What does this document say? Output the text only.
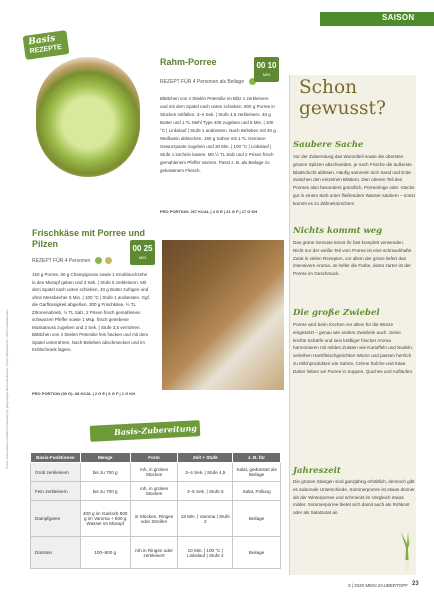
SAISON
Basis
REZEPTE
Rahm-Porree
REZEPT FÜR 4 Personen als Beilage
00 10
MIN
Blättchen von 4 Stielen Petersilie im Blitz 1 zerkleinern und mit dem Spatel nach unten schieben. 800 g Porree in Stücken mitfüllen, 3–4 Sek. | Stufe 4,5 zerkleinern. 40 g Butter und 1 TL Mehl Type 405 zugeben und 8 Min. | 100 °C | Linkslauf | Stufe 1 andünsten. Nach Belieben mit 40 g Weißwein ablöschen. 150 g Sahne mit 1 TL Gemüse-Gewürzpaste zugeben und 30 Min. | 100 °C | Linkslauf | Stufe 1 köcheln lassen. Mit ½ TL Salz und 2 Prisen frisch gemahlenem Pfeffer würzen. Passt z. B. als Beilage zu gebratenem Fleisch.
PRO PORTION: 267 KCAL | 4 G E | 21 G F | 17 G KH
Frischkäse mit Porree und Pilzen
REZEPT FÜR 4 Personen
00 25
MIN
150 g Porree, 60 g Champignons sowie 1 Knoblauchzehe in den Mixtopf geben und 3 Sek. | Stufe 5 zerkleinern. Mit dem Spatel nach unten schieben, 40 g Butter zufügen und ohne Messbecher 5 Min. | 100 °C | Stufe 1 andünsten. Ggf. die Garflüssigkeit abgießen. 300 g Frischkäse, ½ TL Zitronenabrieb, ½ TL Salz, 2 Prisen frisch gemahlenen schwarzen Pfeffer sowie 1 Msp. frisch geriebene Muskatnuss zugeben und 2 Sek. | Stufe 3,5 verrühren. Blättchen von 4 Stielen Petersilie fein hacken und mit dem Spatel unterrühren. Nach Belieben abschmecken und im Kühlschrank lagern.
PRO PORTION (30 G): 68 KCAL | 2 G E | 6 G F | 1 G KH
Fotos: stock.adobe.com/Martin Gaberetz (4); gettyimages.de/Foodcollection, Privat; Illustrationen: 123rf.com/lisabaratta	Basis-Zubereitung
Basis-Funktionen	Menge	Form	Zeit + Stufe	z. B. für
Grob zerkleinern	bis zu 700 g	roh, in groben Stücken	3–4 Sek. | Stufe 4,5	Salat, gedünstet als Beilage
Fein zerkleinern	bis zu 700 g	roh, in groben Stücken	4–5 Sek. | Stufe 5	Salat, Füllung
Dampfgaren	400 g im Garkorb 800 g im Varoma + 500 g Wasser im Mixtopf	in Stücken, Ringen oder Streifen	18 Min. | Varoma | Stufe 2	Beilage
Dünsten	100–800 g	roh in Ringen oder zerkleinert	10 Min. | 100 °C | Linkslauf | Stufe 2	Beilage
Schon gewusst?
Saubere Sache
Vor der Zubereitung das Wurzelteil sowie die obersten grünen Spitzen abschneiden, je nach Frische die äußerste Blattschicht ablösen. Häufig sammeln sich Sand und Erde zwischen den einzelnen Blättern. Den oberen Teil des Porrees also besonders gründlich, Porreeringe oder -stücke gut in einem Sieb unter fließendem Wasser säubern – sonst kommt es zu Zähneknirschen!
Nichts kommt weg
Das grüne Gemüse könnt ihr fast komplett verwenden. Nicht nur der weiße Teil vom Porree ist eine schmackhafte Zutat in vielen Rezepten, vor allem der grüne liefert das intensivere Aroma. Je heller die Farbe, desto zarter ist der Porree im Geschmack.
Die große Zwiebel
Porree wird beim Kochen vor allem für die Würze eingesetzt – genau wie andere Zwiebeln auch. Seine leichte Schärfe und sein kräftiger frischer Aroma harmonieren mit milden Zutaten wie Kartoffeln und Nudeln, verleihen Hackfleischgerichten Würze und passen herrlich zu Milchprodukten wie Sahne, Crème fraîche und Käse. Daher lieben wir Porree in Suppen, Quiches und Aufläufen.
Jahreszeit
Die grünen Stangen sind ganzjährig erhältlich, dennoch gibt es saisonale Unterschiede. Sommerporree ist etwas dünner als der Winterporree und schmeckt im Vergleich etwas milder. Sommerporree bietet sich damit auch als Rohkost oder als Salatzutat an.
3 | 2020 MEIN ZAUBERTOPF 23
